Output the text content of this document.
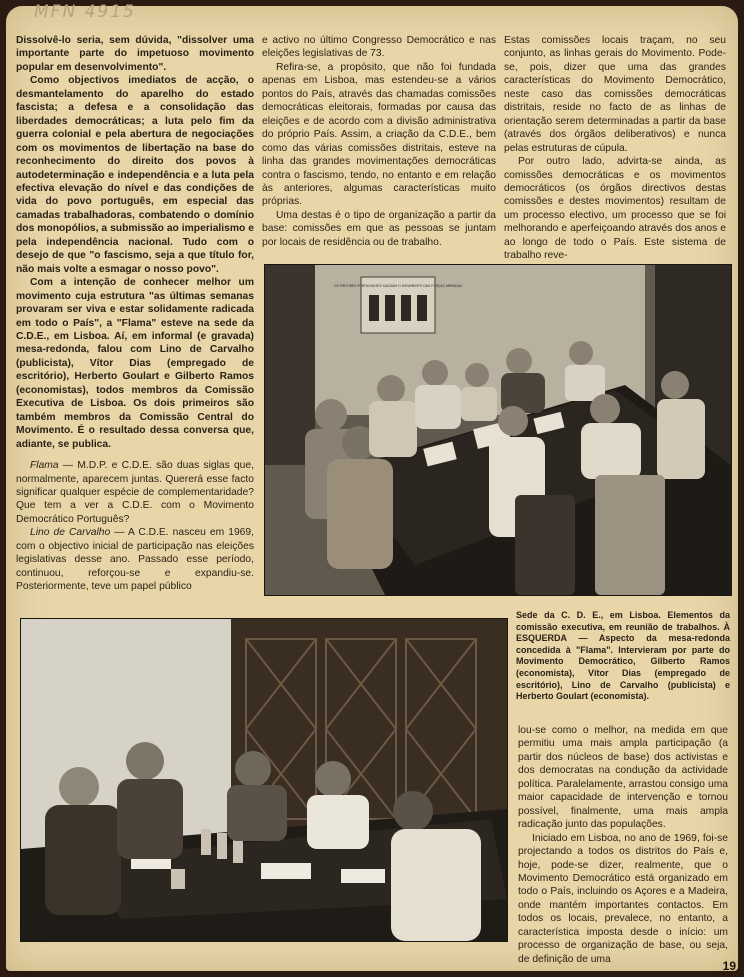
MFN 4915

Dissolvê-lo seria, sem dúvida, "dissolver uma importante parte do impetuoso movimento popular em desenvolvimento".

Como objectivos imediatos de acção, o desmantelamento do aparelho do estado fascista; a defesa e a consolidação das liberdades democráticas; a luta pelo fim da guerra colonial e pela abertura de negociações com os movimentos de libertação na base do reconhecimento do direito dos povos à autodeterminação e independência e a luta pela efectiva elevação do nível e das condições de vida do povo português, em especial das camadas trabalhadoras, combatendo o domínio dos monopólios, a submissão ao imperialismo e pela independência nacional. Tudo com o desejo de que "o fascismo, seja a que título for, não mais volte a esmagar o nosso povo".

Com a intenção de conhecer melhor um movimento cuja estrutura "as últimas semanas provaram ser viva e estar solidamente radicada em todo o País", a "Flama" esteve na sede da C.D.E., em Lisboa. Aí, em informal (e gravada) mesa-redonda, falou com Lino de Carvalho (publicista), Vítor Dias (empregado de escritório), Herberto Goulart e Gilberto Ramos (economistas), todos membros da Comissão Executiva de Lisboa. Os dois primeiros são também membros da Comissão Central do Movimento. É o resultado dessa conversa que, adiante, se publica.

Flama — M.D.P. e C.D.E. são duas siglas que, normalmente, aparecem juntas. Quererá esse facto significar qualquer espécie de complementaridade? Que tem a ver a C.D.E. com o Movimento Democrático Português?

Lino de Carvalho — A C.D.E. nasceu em 1969, com o objectivo inicial de participação nas eleições legislativas desse ano. Passado esse período, continuou, reforçou-se e expandiu-se. Posteriormente, teve um papel público

e activo no último Congresso Democrático e nas eleições legislativas de 73.

Refira-se, a propósito, que não foi fundada apenas em Lisboa, mas estendeu-se a vários pontos do País, através das chamadas comissões democráticas eleitorais, formadas por causa das eleições e de acordo com a divisão administrativa do próprio País. Assim, a criação da C.D.E., bem como das várias comissões distritais, esteve na linha das grandes movimentações democráticas contra o fascismo, tendo, no entanto e em relação às anteriores, algumas características muito próprias.

Uma destas é o tipo de organização a partir da base: comissões em que as pessoas se juntam por locais de residência ou de trabalho.

Estas comissões locais traçam, no seu conjunto, as linhas gerais do Movimento. Pode-se, pois, dizer que uma das grandes características do Movimento Democrático, neste caso das comissões democráticas distritais, reside no facto de as linhas de orientação serem determinadas a partir da base (através dos órgãos deliberativos) e nunca pelas estruturas de cúpula.

Por outro lado, advirta-se ainda, as comissões democráticas e os movimentos democráticos (os órgãos directivos destas comissões e destes movimentos) resultam de um processo electivo, um processo que se foi melhorando e aperfeiçoando através dos anos e ao longo de todo o País. Este sistema de trabalho reve-

OS PINTORES PORTUGUESES SAÚDAM O MOVIMENTO DAS FORÇAS ARMADAS
Sede da C. D. E., em Lisboa. Elementos da comissão executiva, em reunião de trabalhos. À ESQUERDA — Aspecto da mesa-redonda concedida à "Flama". Intervieram por parte do Movimento Democrático, Gilberto Ramos (economista), Vítor Dias (empregado de escritório), Lino de Carvalho (publicista) e Herberto Goulart (economista).

lou-se como o melhor, na medida em que permitiu uma mais ampla participação (a partir dos núcleos de base) dos activistas e dos democratas na condução da actividade política. Paralelamente, arrastou consigo uma maior capacidade de intervenção e tornou possível, finalmente, uma mais ampla radicação junto das populações.

Iniciado em Lisboa, no ano de 1969, foi-se projectando a todos os distritos do País e, hoje, pode-se dizer, realmente, que o Movimento Democrático está organizado em todo o País, incluindo os Açores e a Madeira, onde mantém importantes contactos. Em todos os locais, prevalece, no entanto, a característica imposta desde o início: um processo de organização de base, ou seja, de definição de uma	19
